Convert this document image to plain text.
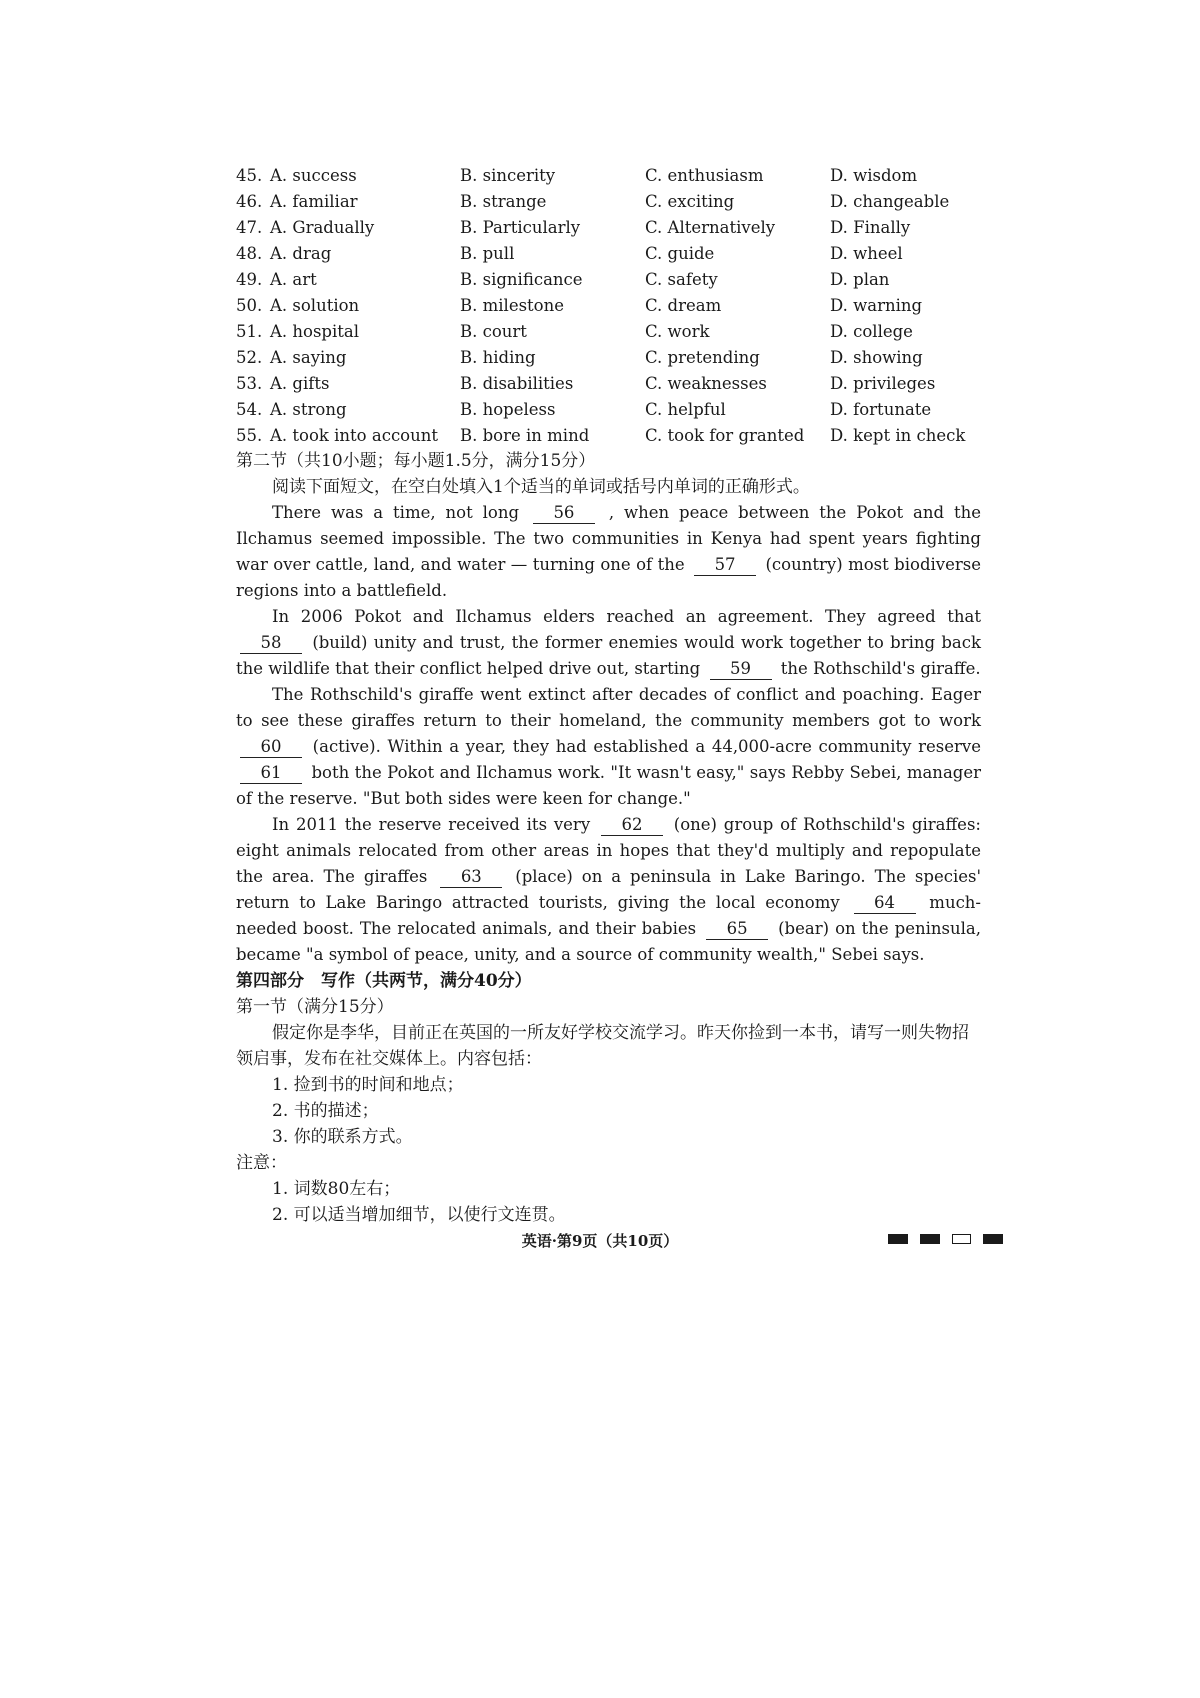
45. A. success	B. sincerity	C. enthusiasm	D. wisdom
46. A. familiar	B. strange	C. exciting	D. changeable
47. A. Gradually	B. Particularly	C. Alternatively	D. Finally
48. A. drag	B. pull	C. guide	D. wheel
49. A. art	B. significance	C. safety	D. plan
50. A. solution	B. milestone	C. dream	D. warning
51. A. hospital	B. court	C. work	D. college
52. A. saying	B. hiding	C. pretending	D. showing
53. A. gifts	B. disabilities	C. weaknesses	D. privileges
54. A. strong	B. hopeless	C. helpful	D. fortunate
55. A. took into account	B. bore in mind	C. took for granted	D. kept in check
第二节（共10小题；每小题1.5分，满分15分）

阅读下面短文，在空白处填入1个适当的单词或括号内单词的正确形式。

There was a time, not long 56 , when peace between the Pokot and the Ilchamus seemed impossible. The two communities in Kenya had spent years fighting war over cattle, land, and water — turning one of the 57 (country) most biodiverse regions into a battlefield.

In 2006 Pokot and Ilchamus elders reached an agreement. They agreed that 58 (build) unity and trust, the former enemies would work together to bring back the wildlife that their conflict helped drive out, starting 59 the Rothschild's giraffe.

The Rothschild's giraffe went extinct after decades of conflict and poaching. Eager to see these giraffes return to their homeland, the community members got to work 60 (active). Within a year, they had established a 44,000-acre community reserve 61 both the Pokot and Ilchamus work. "It wasn't easy," says Rebby Sebei, manager of the reserve. "But both sides were keen for change."

In 2011 the reserve received its very 62 (one) group of Rothschild's giraffes: eight animals relocated from other areas in hopes that they'd multiply and repopulate the area. The giraffes 63 (place) on a peninsula in Lake Baringo. The species' return to Lake Baringo attracted tourists, giving the local economy 64 much-needed boost. The relocated animals, and their babies 65 (bear) on the peninsula, became "a symbol of peace, unity, and a source of community wealth," Sebei says.

第四部分　写作（共两节，满分40分）
第一节（满分15分）

假定你是李华，目前正在英国的一所友好学校交流学习。昨天你捡到一本书，请写一则失物招领启事，发布在社交媒体上。内容包括：

1. 捡到书的时间和地点；

2. 书的描述；

3. 你的联系方式。

注意：

1. 词数80左右；

2. 可以适当增加细节，以使行文连贯。

英语·第9页（共10页）
